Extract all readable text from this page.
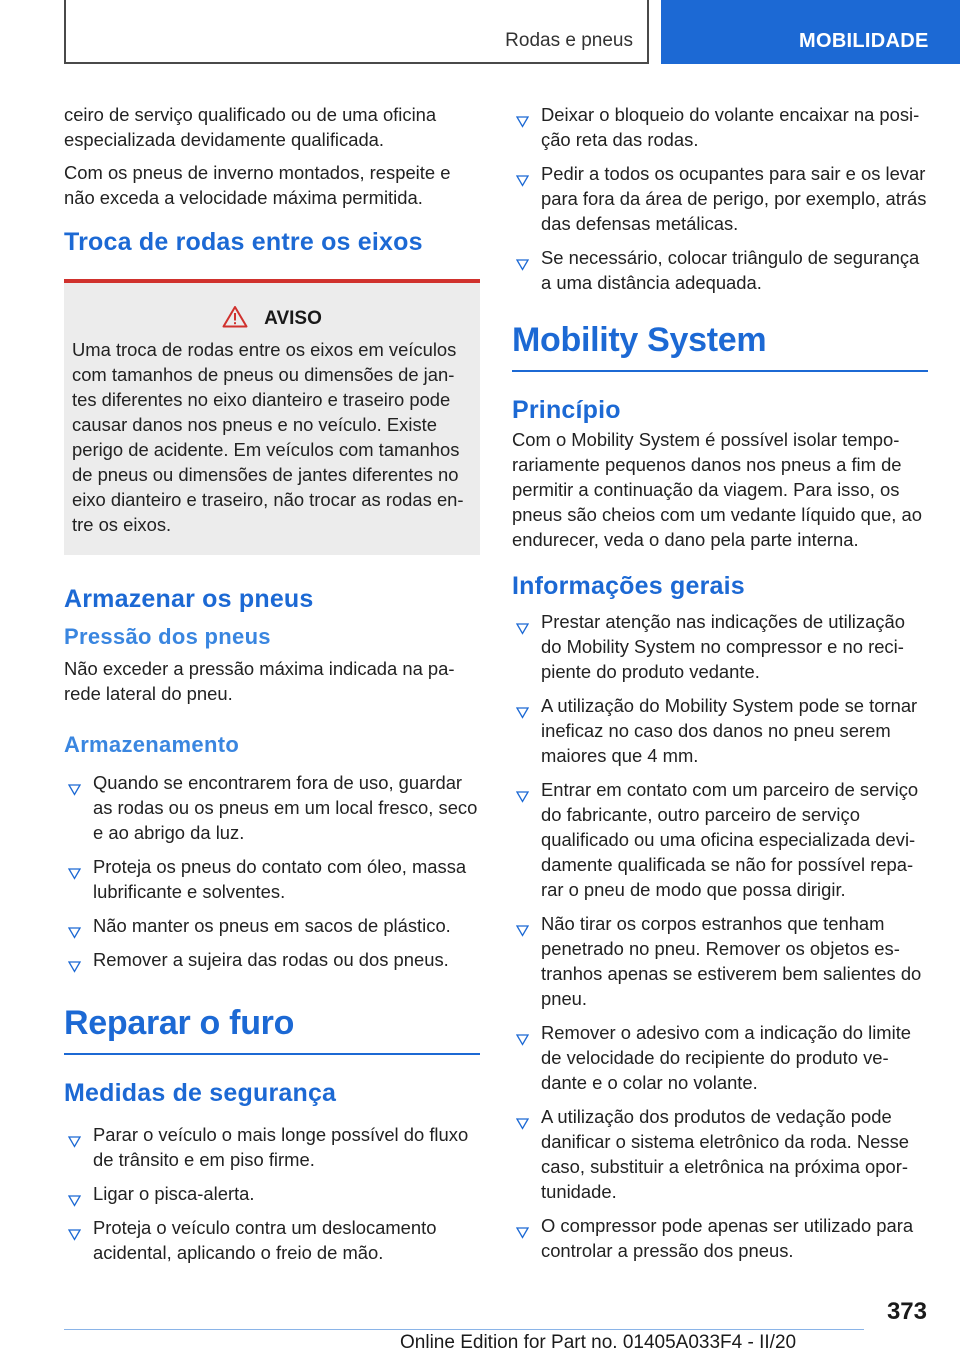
Rodas e pneus	MOBILIDADE

ceiro de serviço qualificado ou de uma oficina especializada devidamente qualificada.

Com os pneus de inverno montados, respeite e não exceda a velocidade máxima permitida.

Troca de rodas entre os eixos
AVISO

Uma troca de rodas entre os eixos em veículos com tamanhos de pneus ou dimensões de jantes diferentes no eixo dianteiro e traseiro pode causar danos nos pneus e no veículo. Existe perigo de acidente. Em veículos com tamanhos de pneus ou dimensões de jantes diferentes no eixo dianteiro e traseiro, não trocar as rodas entre os eixos.

Armazenar os pneus
Pressão dos pneus

Não exceder a pressão máxima indicada na parede lateral do pneu.

Armazenamento
Quando se encontrarem fora de uso, guardar as rodas ou os pneus em um local fresco, seco e ao abrigo da luz.
Proteja os pneus do contato com óleo, massa lubrificante e solventes.
Não manter os pneus em sacos de plástico.
Remover a sujeira das rodas ou dos pneus.
Reparar o furo
Medidas de segurança
Parar o veículo o mais longe possível do fluxo de trânsito e em piso firme.
Ligar o pisca-alerta.
Proteja o veículo contra um deslocamento acidental, aplicando o freio de mão.
Deixar o bloqueio do volante encaixar na posição reta das rodas.
Pedir a todos os ocupantes para sair e os levar para fora da área de perigo, por exemplo, atrás das defensas metálicas.
Se necessário, colocar triângulo de segurança a uma distância adequada.
Mobility System
Princípio

Com o Mobility System é possível isolar temporariamente pequenos danos nos pneus a fim de permitir a continuação da viagem. Para isso, os pneus são cheios com um vedante líquido que, ao endurecer, veda o dano pela parte interna.

Informações gerais
Prestar atenção nas indicações de utilização do Mobility System no compressor e no recipiente do produto vedante.
A utilização do Mobility System pode se tornar ineficaz no caso dos danos no pneu serem maiores que 4 mm.
Entrar em contato com um parceiro de serviço do fabricante, outro parceiro de serviço qualificado ou uma oficina especializada devidamente qualificada se não for possível reparar o pneu de modo que possa dirigir.
Não tirar os corpos estranhos que tenham penetrado no pneu. Remover os objetos estranhos apenas se estiverem bem salientes do pneu.
Remover o adesivo com a indicação do limite de velocidade do recipiente do produto vedante e o colar no volante.
A utilização dos produtos de vedação pode danificar o sistema eletrônico da roda. Nesse caso, substituir a eletrônica na próxima oportunidade.
O compressor pode apenas ser utilizado para controlar a pressão dos pneus.
373
Online Edition for Part no. 01405A033F4 - II/20
